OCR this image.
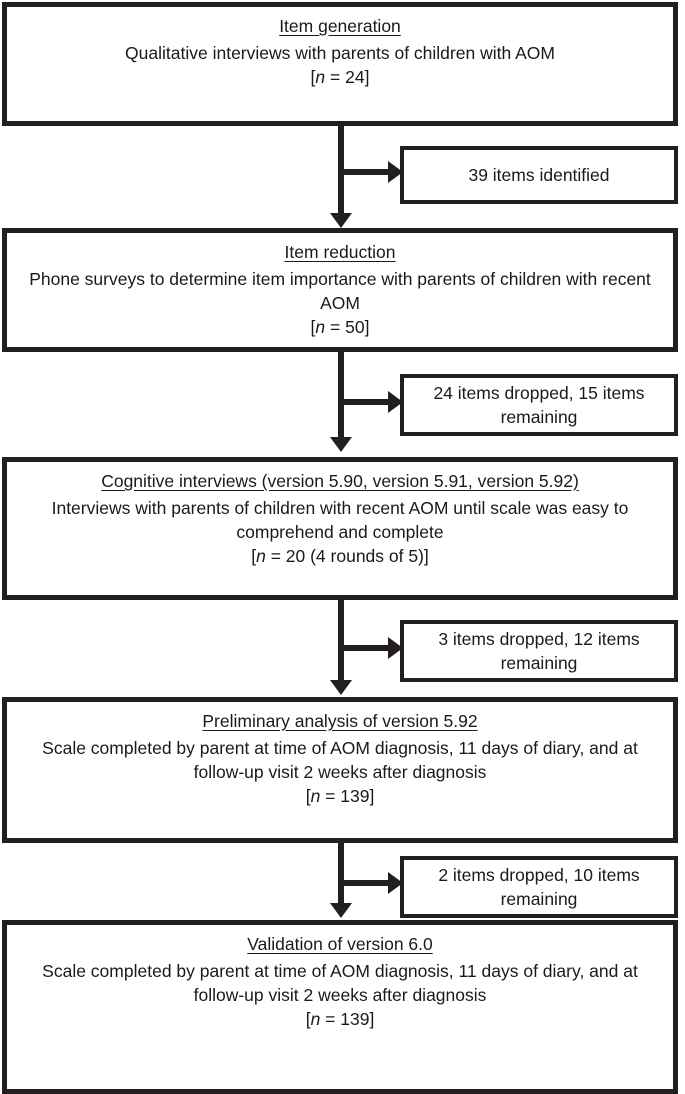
Item generation
Qualitative interviews with parents of children with AOM
[n = 24]
39 items identified
Item reduction
Phone surveys to determine item importance with parents of children with recent AOM
[n = 50]
24 items dropped, 15 items remaining
Cognitive interviews (version 5.90, version 5.91, version 5.92)
Interviews with parents of children with recent AOM until scale was easy to comprehend and complete
[n = 20 (4 rounds of 5)]
3 items dropped, 12 items remaining
Preliminary analysis of version 5.92
Scale completed by parent at time of AOM diagnosis, 11 days of diary, and at follow-up visit 2 weeks after diagnosis
[n = 139]
2 items dropped, 10 items remaining
Validation of version 6.0
Scale completed by parent at time of AOM diagnosis, 11 days of diary, and at follow-up visit 2 weeks after diagnosis
[n = 139]
